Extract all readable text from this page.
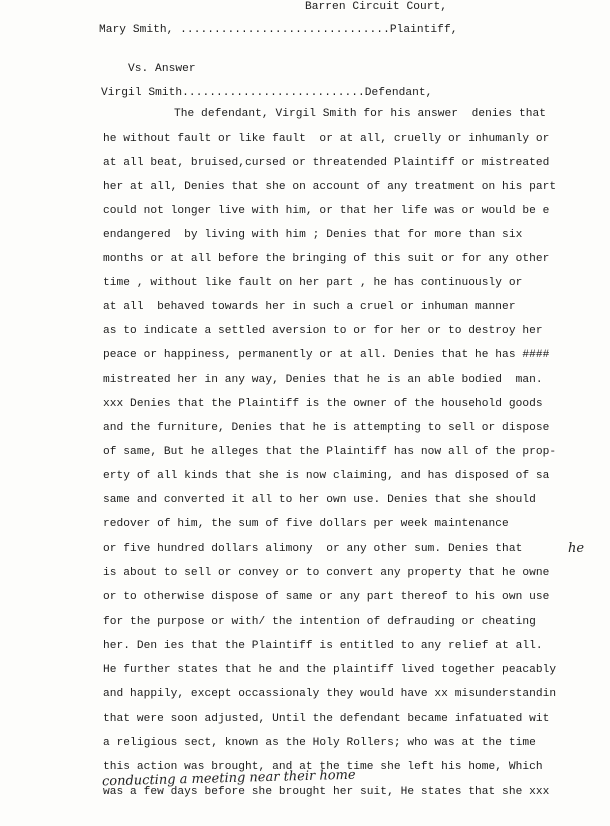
Barren Circuit Court,
Mary Smith, ...............................Plaintiff,
Vs. Answer
Virgil Smith...........................Defendant,
The defendant, Virgil Smith for his answer  denies that
he without fault or like fault  or at all, cruelly or inhumanly or
at all beat, bruised,cursed or threatended Plaintiff or mistreated
her at all, Denies that she on account of any treatment on his part
could not longer live with him, or that her life was or would be e
endangered  by living with him ; Denies that for more than six
months or at all before the bringing of this suit or for any other
time , without like fault on her part , he has continuously or
at all  behaved towards her in such a cruel or inhuman manner
as to indicate a settled aversion to or for her or to destroy her
peace or happiness, permanently or at all. Denies that he has ####
mistreated her in any way, Denies that he is an able bodied  man.
xxx Denies that the Plaintiff is the owner of the household goods
and the furniture, Denies that he is attempting to sell or dispose
of same, But he alleges that the Plaintiff has now all of the prop-
erty of all kinds that she is now claiming, and has disposed of sa
same and converted it all to her own use. Denies that she should
redover of him, the sum of five dollars per week maintenance
or five hundred dollars alimony  or any other sum. Denies that
is about to sell or convey or to convert any property that he owne
or to otherwise dispose of same or any part thereof to his own use
for the purpose or with/ the intention of defrauding or cheating
her. Den ies that the Plaintiff is entitled to any relief at all.
He further states that he and the plaintiff lived together peacably
and happily, except occassionaly they would have xx misunderstandin
that were soon adjusted, Until the defendant became infatuated wit
a religious sect, known as the Holy Rollers; who was at the time
this action was brought, and at the time she left his home, Which
was a few days before she brought her suit, He states that she xxx
he
conducting a meeting near their home
